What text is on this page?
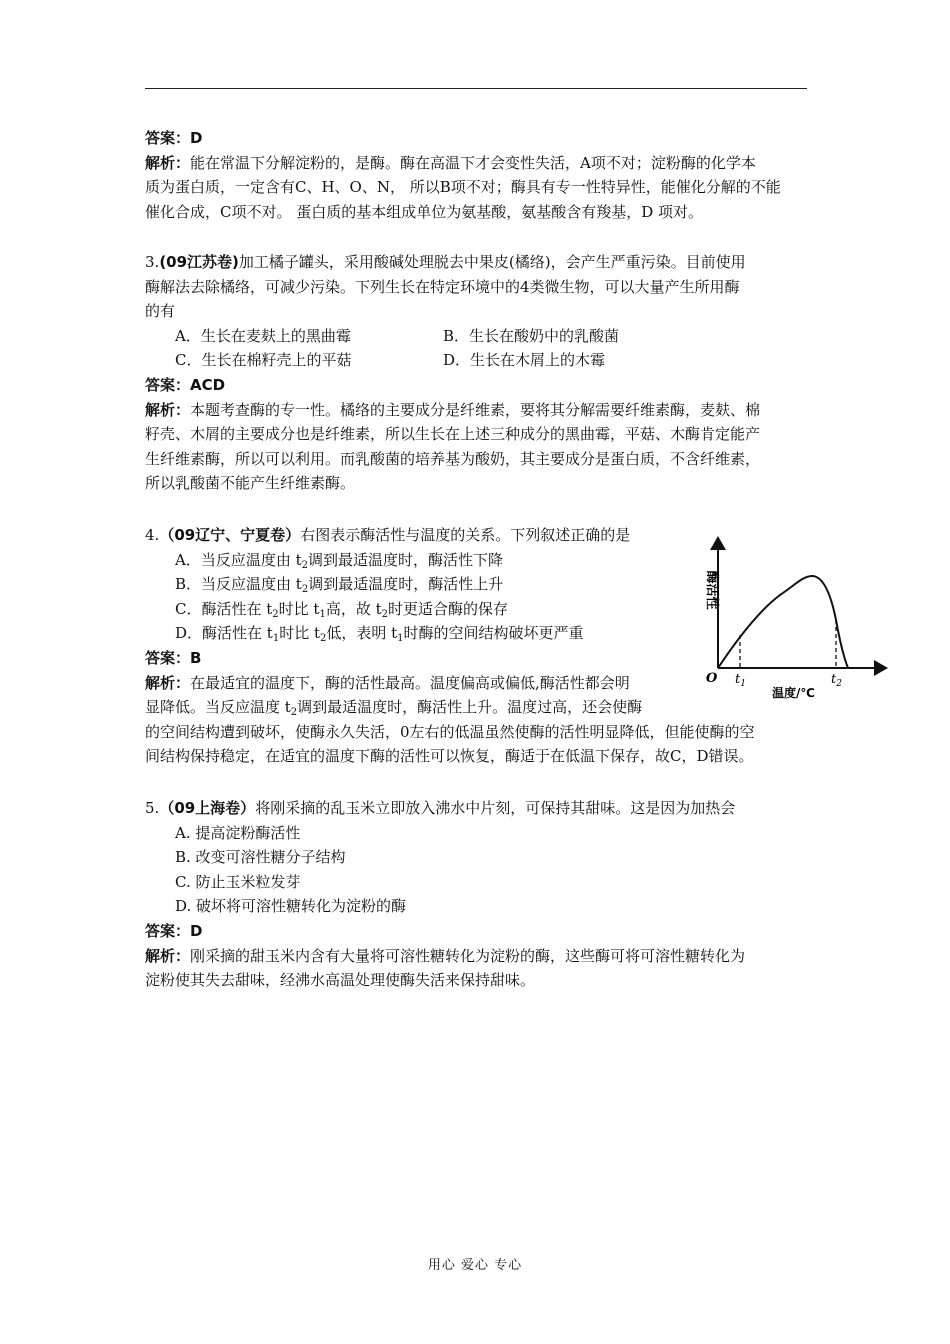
答案：D

解析：能在常温下分解淀粉的，是酶。酶在高温下才会变性失活，A项不对；淀粉酶的化学本

质为蛋白质，一定含有C、H、O、N， 所以B项不对；酶具有专一性特异性，能催化分解的不能

催化合成，C项不对。 蛋白质的基本组成单位为氨基酸，氨基酸含有羧基，D 项对。

3.(09江苏卷)加工橘子罐头，采用酸碱处理脱去中果皮(橘络)，会产生严重污染。目前使用

酶解法去除橘络，可减少污染。下列生长在特定环境中的4类微生物，可以大量产生所用酶

的有

A．生长在麦麸上的黑曲霉	B．生长在酸奶中的乳酸菌

C．生长在棉籽壳上的平菇	D．生长在木屑上的木霉

答案：ACD

解析：本题考查酶的专一性。橘络的主要成分是纤维素，要将其分解需要纤维素酶，麦麸、棉

籽壳、木屑的主要成分也是纤维素，所以生长在上述三种成分的黑曲霉，平菇、木酶肯定能产

生纤维素酶，所以可以利用。而乳酸菌的培养基为酸奶，其主要成分是蛋白质，不含纤维素，

所以乳酸菌不能产生纤维素酶。

4.（09辽宁、宁夏卷）右图表示酶活性与温度的关系。下列叙述正确的是

A．当反应温度由 $t_2$调到最适温度时，酶活性下降

B．当反应温度由 $t_2$调到最适温度时，酶活性上升

C．酶活性在 $t_2$时比 $t_1$高，故 $t_2$时更适合酶的保存

D．酶活性在 $t_1$时比 $t_2$低，表明 $t_1$时酶的空间结构破坏更严重

答案：B

解析：在最适宜的温度下，酶的活性最高。温度偏高或偏低,酶活性都会明

显降低。当反应温度 $t_2$调到最适温度时，酶活性上升。温度过高，还会使酶

的空间结构遭到破坏，使酶永久失活，0左右的低温虽然使酶的活性明显降低，但能使酶的空

间结构保持稳定，在适宜的温度下酶的活性可以恢复，酶适于在低温下保存，故C，D错误。

酶活性
O $t_1$	$t_2$
温度/℃

5.（09上海卷）将刚采摘的乱玉米立即放入沸水中片刻，可保持其甜味。这是因为加热会

A. 提高淀粉酶活性

B. 改变可溶性糖分子结构

C. 防止玉米粒发芽

D. 破坏将可溶性糖转化为淀粉的酶

答案：D

解析：刚采摘的甜玉米内含有大量将可溶性糖转化为淀粉的酶，这些酶可将可溶性糖转化为

淀粉使其失去甜味，经沸水高温处理使酶失活来保持甜味。

用心 爱心 专心
